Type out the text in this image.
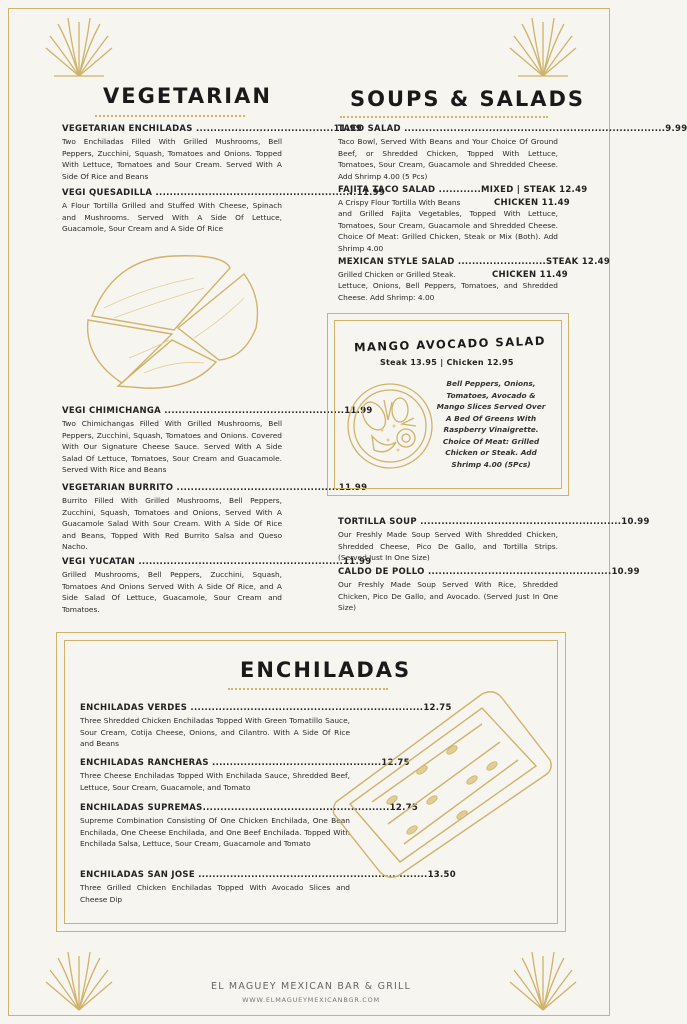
VEGETARIAN
VEGETARIAN ENCHILADAS .......................................11.99
Two Enchiladas Filled With Grilled Mushrooms, Bell Peppers, Zucchini, Squash, Tomatoes and Onions. Topped With Lettuce, Tomatoes and Sour Cream. Served With A Side Of Rice and Beans
VEGI QUESADILLA .........................................................11.99
A Flour Tortilla Grilled and Stuffed With Cheese, Spinach and Mushrooms. Served With A Side Of Lettuce, Guacamole, Sour Cream and A Side Of Rice
VEGI CHIMICHANGA ...................................................11.99
Two Chimichangas Filled With Grilled Mushrooms, Bell Peppers, Zucchini, Squash, Tomatoes and Onions. Covered With Our Signature Cheese Sauce. Served With A Side Salad Of Lettuce, Tomatoes, Sour Cream and Guacamole. Served With Rice and Beans
VEGETARIAN BURRITO ..............................................11.99
Burrito Filled With Grilled Mushrooms, Bell Peppers, Zucchini, Squash, Tomatoes and Onions, Served With A Guacamole Salad With Sour Cream. With A Side Of Rice and Beans, Topped With Red Burrito Salsa and Queso Nacho.
VEGI YUCATAN ..........................................................11.99
Grilled Mushrooms, Bell Peppers, Zucchini, Squash, Tomatoes And Onions Served With A Side Of Rice, and A Side Salad Of Lettuce, Guacamole, Sour Cream and Tomatoes.
SOUPS & SALADS
TACO SALAD ..........................................................................9.99
Taco Bowl, Served With Beans and Your Choice Of Ground Beef, or Shredded Chicken, Topped With Lettuce, Tomatoes, Sour Cream, Guacamole and Shredded Cheese. Add Shrimp 4.00 (5 Pcs)
FAJITA TACO SALAD ............MIXED | STEAK 12.49
A Crispy Flour Tortilla With Beans	CHICKEN 11.49
and Grilled Fajita Vegetables, Topped With Lettuce, Tomatoes, Sour Cream, Guacamole and Shredded Cheese. Choice Of Meat: Grilled Chicken, Steak or Mix (Both). Add Shrimp 4.00
MEXICAN STYLE SALAD .........................STEAK 12.49
Grilled Chicken or Grilled Steak.	CHICKEN 11.49
Lettuce, Onions, Bell Peppers, Tomatoes, and Shredded Cheese. Add Shrimp: 4.00
MANGO AVOCADO SALAD
Steak 13.95 | Chicken 12.95
Bell Peppers, Onions, Tomatoes, Avocado & Mango Slices Served Over A Bed Of Greens With Raspberry Vinaigrette. Choice Of Meat: Grilled Chicken or Steak. Add Shrimp 4.00 (5Pcs)
TORTILLA SOUP .........................................................10.99
Our Freshly Made Soup Served With Shredded Chicken, Shredded Cheese, Pico De Gallo, and Tortilla Strips. (Served Just In One Size)
CALDO DE POLLO ....................................................10.99
Our Freshly Made Soup Served With Rice, Shredded Chicken, Pico De Gallo, and Avocado. (Served Just In One Size)
ENCHILADAS
ENCHILADAS VERDES ..................................................................12.75
Three Shredded Chicken Enchiladas Topped With Green Tomatillo Sauce, Sour Cream, Cotija Cheese, Onions, and Cilantro. With A Side Of Rice and Beans
ENCHILADAS RANCHERAS ................................................12.75
Three Cheese Enchiladas Topped With Enchilada Sauce, Shredded Beef, Lettuce, Sour Cream, Guacamole, and Tomato
ENCHILADAS SUPREMAS.....................................................12.75
Supreme Combination Consisting Of One Chicken Enchilada, One Bean Enchilada, One Cheese Enchilada, and One Beef Enchilada. Topped With Enchilada Salsa, Lettuce, Sour Cream, Guacamole and Tomato
ENCHILADAS SAN JOSE .................................................................13.50
Three Grilled Chicken Enchiladas Topped With Avocado Slices and Cheese Dip
EL MAGUEY MEXICAN BAR & GRILL
WWW.ELMAGUEYMEXICANBGR.COM
